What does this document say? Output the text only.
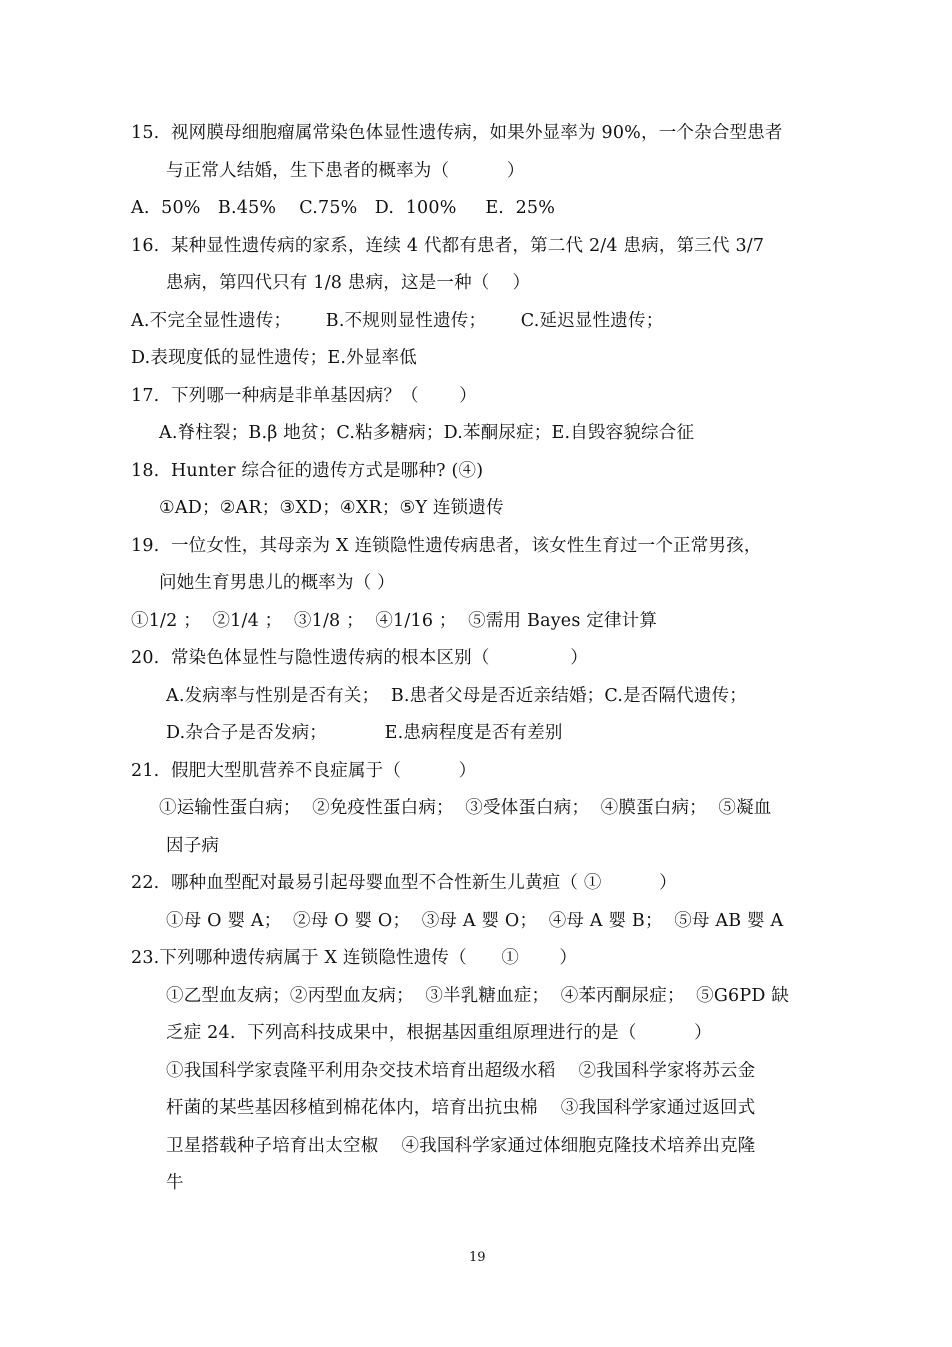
15.  视网膜母细胞瘤属常染色体显性遗传病，如果外显率为 90%，一个杂合型患者
与正常人结婚，生下患者的概率为（          ）
A.  50%   B.45%    C.75%   D.  100%     E.  25%
16.  某种显性遗传病的家系，连续 4 代都有患者，第二代 2/4 患病，第三代 3/7
患病，第四代只有 1/8 患病，这是一种（    ）
A.不完全显性遗传；      B.不规则显性遗传；      C.延迟显性遗传；
D.表现度低的显性遗传；E.外显率低
17.  下列哪一种病是非单基因病？（       ）
A.脊柱裂；B.β 地贫；C.粘多糖病；D.苯酮尿症；E.自毁容貌综合征
18.  Hunter 综合征的遗传方式是哪种? (④)
①AD；②AR；③XD；④XR；⑤Y 连锁遗传
19.  一位女性，其母亲为 X 连锁隐性遗传病患者，该女性生育过一个正常男孩，
问她生育男患儿的概率为（ ）
①1/2 ；  ②1/4 ；  ③1/8 ；  ④1/16 ；  ⑤需用 Bayes 定律计算
20.  常染色体显性与隐性遗传病的根本区别（              ）
A.发病率与性别是否有关；  B.患者父母是否近亲结婚；C.是否隔代遗传；
D.杂合子是否发病；          E.患病程度是否有差别
21.  假肥大型肌营养不良症属于（          ）
①运输性蛋白病；  ②免疫性蛋白病；  ③受体蛋白病；  ④膜蛋白病；  ⑤凝血
因子病
22.  哪种血型配对最易引起母婴血型不合性新生儿黄疸（ ①          ）
①母 O 婴 A；  ②母 O 婴 O；  ③母 A 婴 O；  ④母 A 婴 B；  ⑤母 AB 婴 A
23.下列哪种遗传病属于 X 连锁隐性遗传（      ①       ）
①乙型血友病；②丙型血友病；  ③半乳糖血症；  ④苯丙酮尿症；  ⑤G6PD 缺
乏症 24.  下列高科技成果中，根据基因重组原理进行的是（          ）
①我国科学家袁隆平利用杂交技术培育出超级水稻    ②我国科学家将苏云金
杆菌的某些基因移植到棉花体内，培育出抗虫棉    ③我国科学家通过返回式
卫星搭载种子培育出太空椒    ④我国科学家通过体细胞克隆技术培养出克隆
牛
19
